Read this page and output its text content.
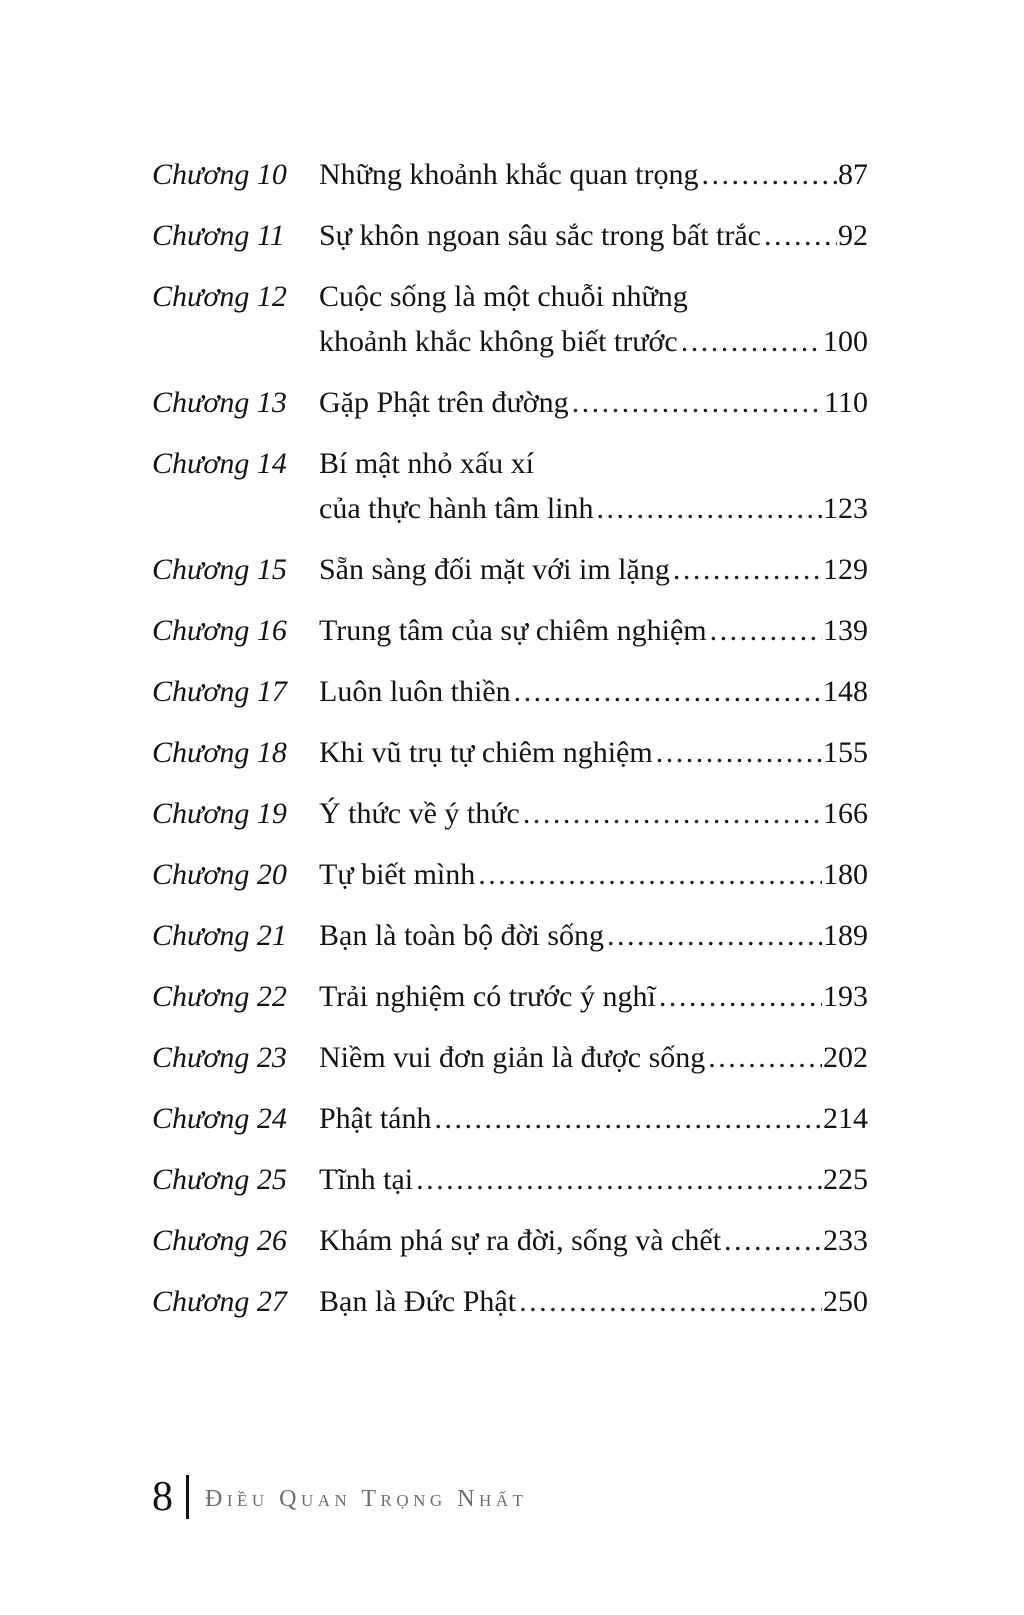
Chương 10	Những khoảnh khắc quan trọng .....	87
Chương 11	Sự khôn ngoan sâu sắc trong bất trắc .....	92
Chương 12	Cuộc sống là một chuỗi những
khoảnh khắc không biết trước .....	100
Chương 13	Gặp Phật trên đường .....	110
Chương 14	Bí mật nhỏ xấu xí
của thực hành tâm linh .....	123
Chương 15	Sẵn sàng đối mặt với im lặng .....	129
Chương 16	Trung tâm của sự chiêm nghiệm .....	139
Chương 17	Luôn luôn thiền .....	148
Chương 18	Khi vũ trụ tự chiêm nghiệm .....	155
Chương 19	Ý thức về ý thức .....	166
Chương 20	Tự biết mình .....	180
Chương 21	Bạn là toàn bộ đời sống .....	189
Chương 22	Trải nghiệm có trước ý nghĩ .....	193
Chương 23	Niềm vui đơn giản là được sống .....	202
Chương 24	Phật tánh .....	214
Chương 25	Tĩnh tại .....	225
Chương 26	Khám phá sự ra đời, sống và chết .....	233
Chương 27	Bạn là Đức Phật .....	250
8 Điều Quan Trọng Nhất
